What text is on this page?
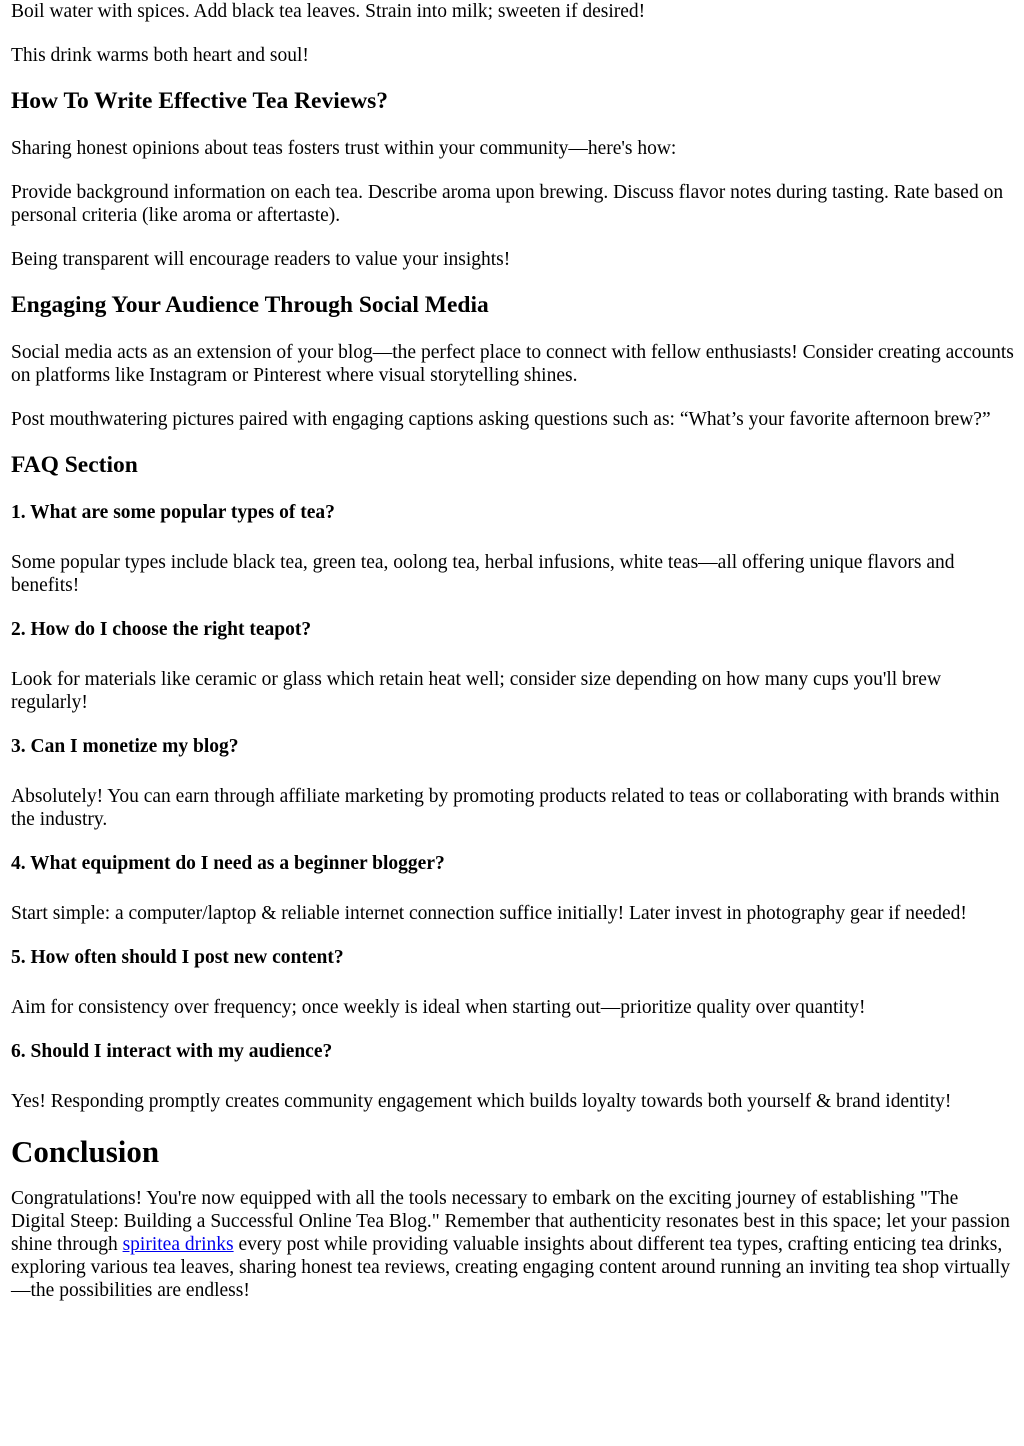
Boil water with spices. Add black tea leaves. Strain into milk; sweeten if desired!

This drink warms both heart and soul!

How To Write Effective Tea Reviews?

Sharing honest opinions about teas fosters trust within your community—here's how:

Provide background information on each tea. Describe aroma upon brewing. Discuss flavor notes during tasting. Rate based on personal criteria (like aroma or aftertaste).

Being transparent will encourage readers to value your insights!

Engaging Your Audience Through Social Media

Social media acts as an extension of your blog—the perfect place to connect with fellow enthusiasts! Consider creating accounts on platforms like Instagram or Pinterest where visual storytelling shines.

Post mouthwatering pictures paired with engaging captions asking questions such as: “What’s your favorite afternoon brew?”

FAQ Section
1. What are some popular types of tea?

Some popular types include black tea, green tea, oolong tea, herbal infusions, white teas—all offering unique flavors and benefits!

2. How do I choose the right teapot?

Look for materials like ceramic or glass which retain heat well; consider size depending on how many cups you'll brew regularly!

3. Can I monetize my blog?

Absolutely! You can earn through affiliate marketing by promoting products related to teas or collaborating with brands within the industry.

4. What equipment do I need as a beginner blogger?

Start simple: a computer/laptop & reliable internet connection suffice initially! Later invest in photography gear if needed!

5. How often should I post new content?

Aim for consistency over frequency; once weekly is ideal when starting out—prioritize quality over quantity!

6. Should I interact with my audience?

Yes! Responding promptly creates community engagement which builds loyalty towards both yourself & brand identity!

Conclusion

Congratulations! You're now equipped with all the tools necessary to embark on the exciting journey of establishing "The Digital Steep: Building a Successful Online Tea Blog." Remember that authenticity resonates best in this space; let your passion shine through spiritea drinks every post while providing valuable insights about different tea types, crafting enticing tea drinks, exploring various tea leaves, sharing honest tea reviews, creating engaging content around running an inviting tea shop virtually—the possibilities are endless!
